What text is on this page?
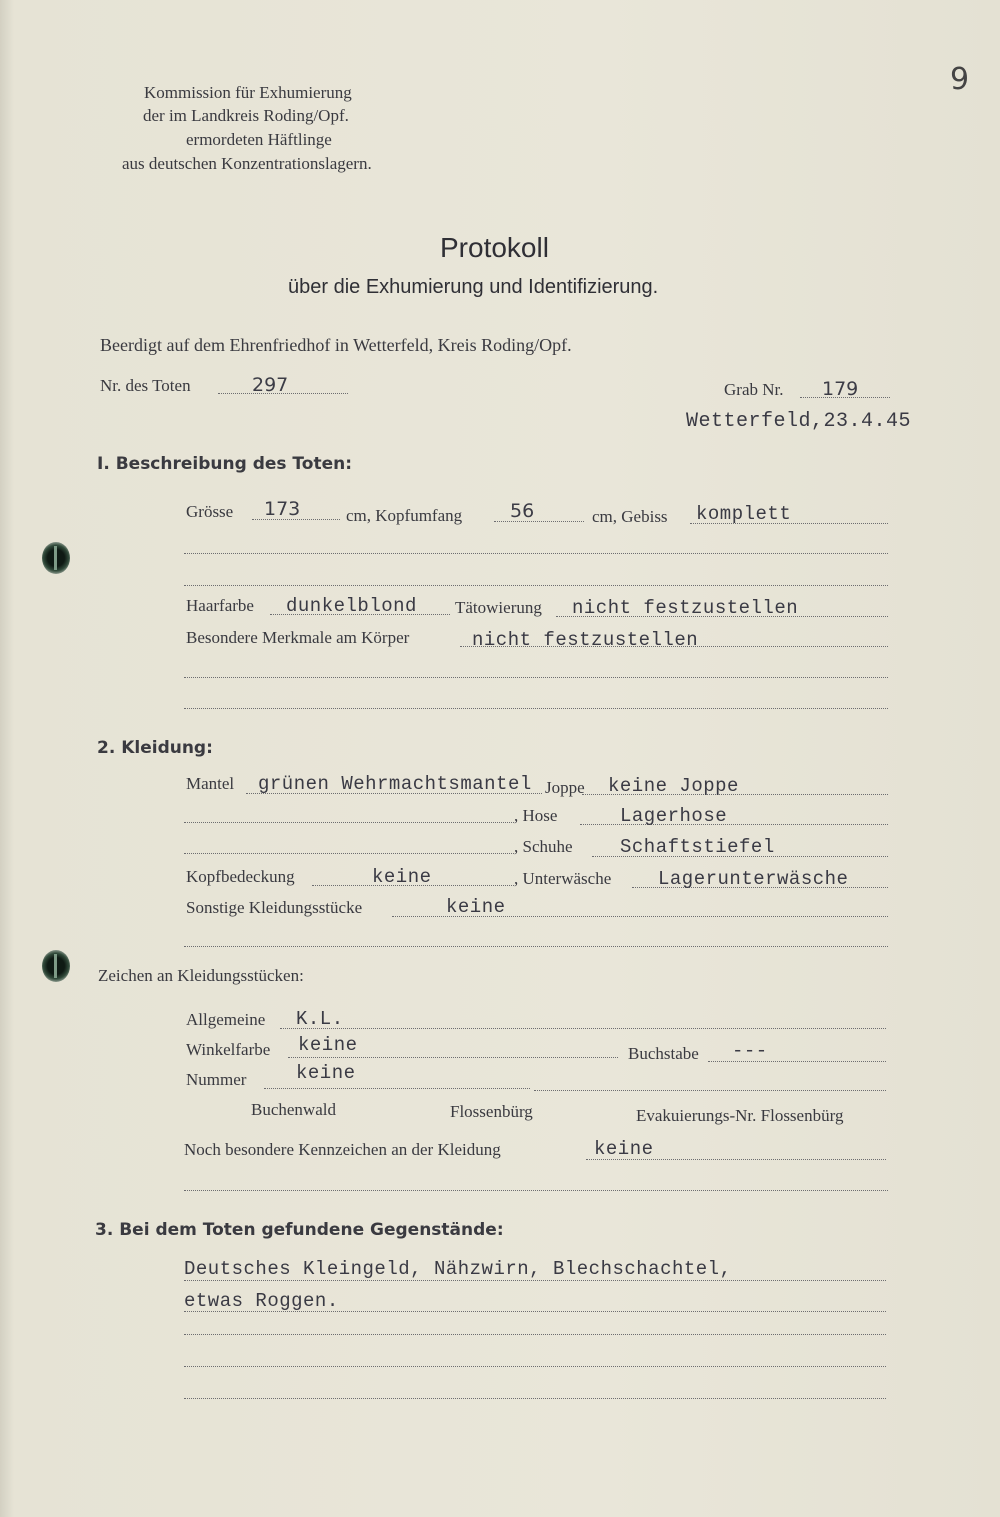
9
Kommission für Exhumierung
der im Landkreis Roding/Opf.
ermordeten Häftlinge
aus deutschen Konzentrationslagern.
Protokoll
über die Exhumierung und Identifizierung.
Beerdigt auf dem Ehrenfriedhof in Wetterfeld, Kreis Roding/Opf.
Nr. des Toten	297	Grab Nr. 179
Wetterfeld,23.4.45
I. Beschreibung des Toten:
Grösse 173	cm, Kopfumfang	56	cm, Gebiss komplett
Haarfarbe dunkelblond Tätowierung nicht festzustellen
Besondere Merkmale am Körper	nicht festzustellen
2. Kleidung:
Mantel grünen Wehrmachtsmantel Joppe keine Joppe
, Hose	Lagerhose
, Schuhe Schaftstiefel
Kopfbedeckung	keine	, Unterwäsche Lagerunterwäsche
Sonstige Kleidungsstücke	keine
Zeichen an Kleidungsstücken:
Allgemeine K.L.
Winkelfarbe keine	Buchstabe ---
Nummer	keine
Buchenwald	Flossenbürg	Evakuierungs-Nr. Flossenbürg
Noch besondere Kennzeichen an der Kleidung	keine
3. Bei dem Toten gefundene Gegenstände:
Deutsches Kleingeld, Nähzwirn, Blechschachtel,
etwas Roggen.
